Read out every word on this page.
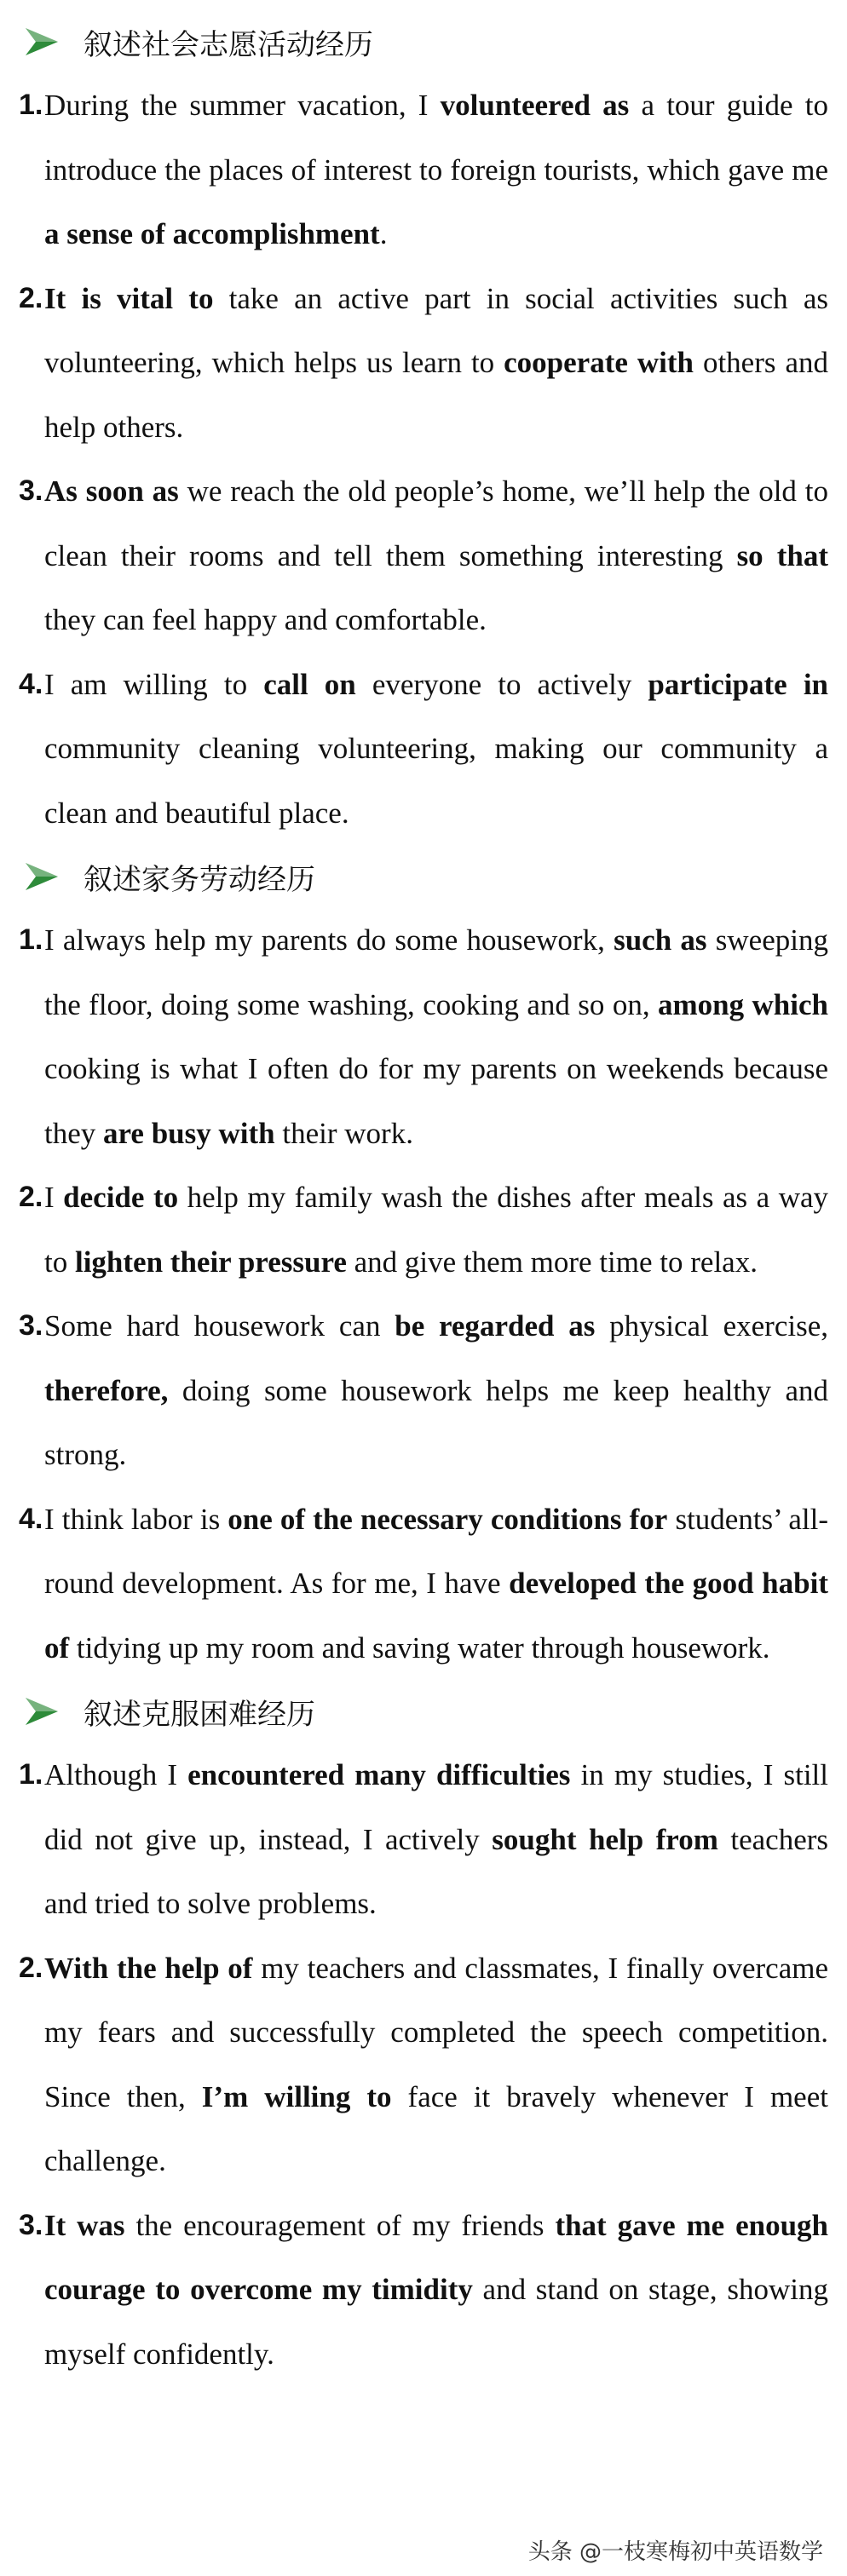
叙述社会志愿活动经历
1. During the summer vacation, I volunteered as a tour guide to introduce the places of interest to foreign tourists, which gave me a sense of accomplishment.
2. It is vital to take an active part in social activities such as volunteering, which helps us learn to cooperate with others and help others.
3. As soon as we reach the old people’s home, we’ll help the old to clean their rooms and tell them something interesting so that they can feel happy and comfortable.
4. I am willing to call on everyone to actively participate in community cleaning volunteering, making our community a clean and beautiful place.
叙述家务劳动经历
1. I always help my parents do some housework, such as sweeping the floor, doing some washing, cooking and so on, among which cooking is what I often do for my parents on weekends because they are busy with their work.
2. I decide to help my family wash the dishes after meals as a way to lighten their pressure and give them more time to relax.
3. Some hard housework can be regarded as physical exercise, therefore, doing some housework helps me keep healthy and strong.
4. I think labor is one of the necessary conditions for students’ all-round development. As for me, I have developed the good habit of tidying up my room and saving water through housework.
叙述克服困难经历
1. Although I encountered many difficulties in my studies, I still did not give up, instead, I actively sought help from teachers and tried to solve problems.
2. With the help of my teachers and classmates, I finally overcame my fears and successfully completed the speech competition. Since then, I’m willing to face it bravely whenever I meet challenge.
3. It was the encouragement of my friends that gave me enough courage to overcome my timidity and stand on stage, showing myself confidently.
头条 @一枝寒梅初中英语数学
